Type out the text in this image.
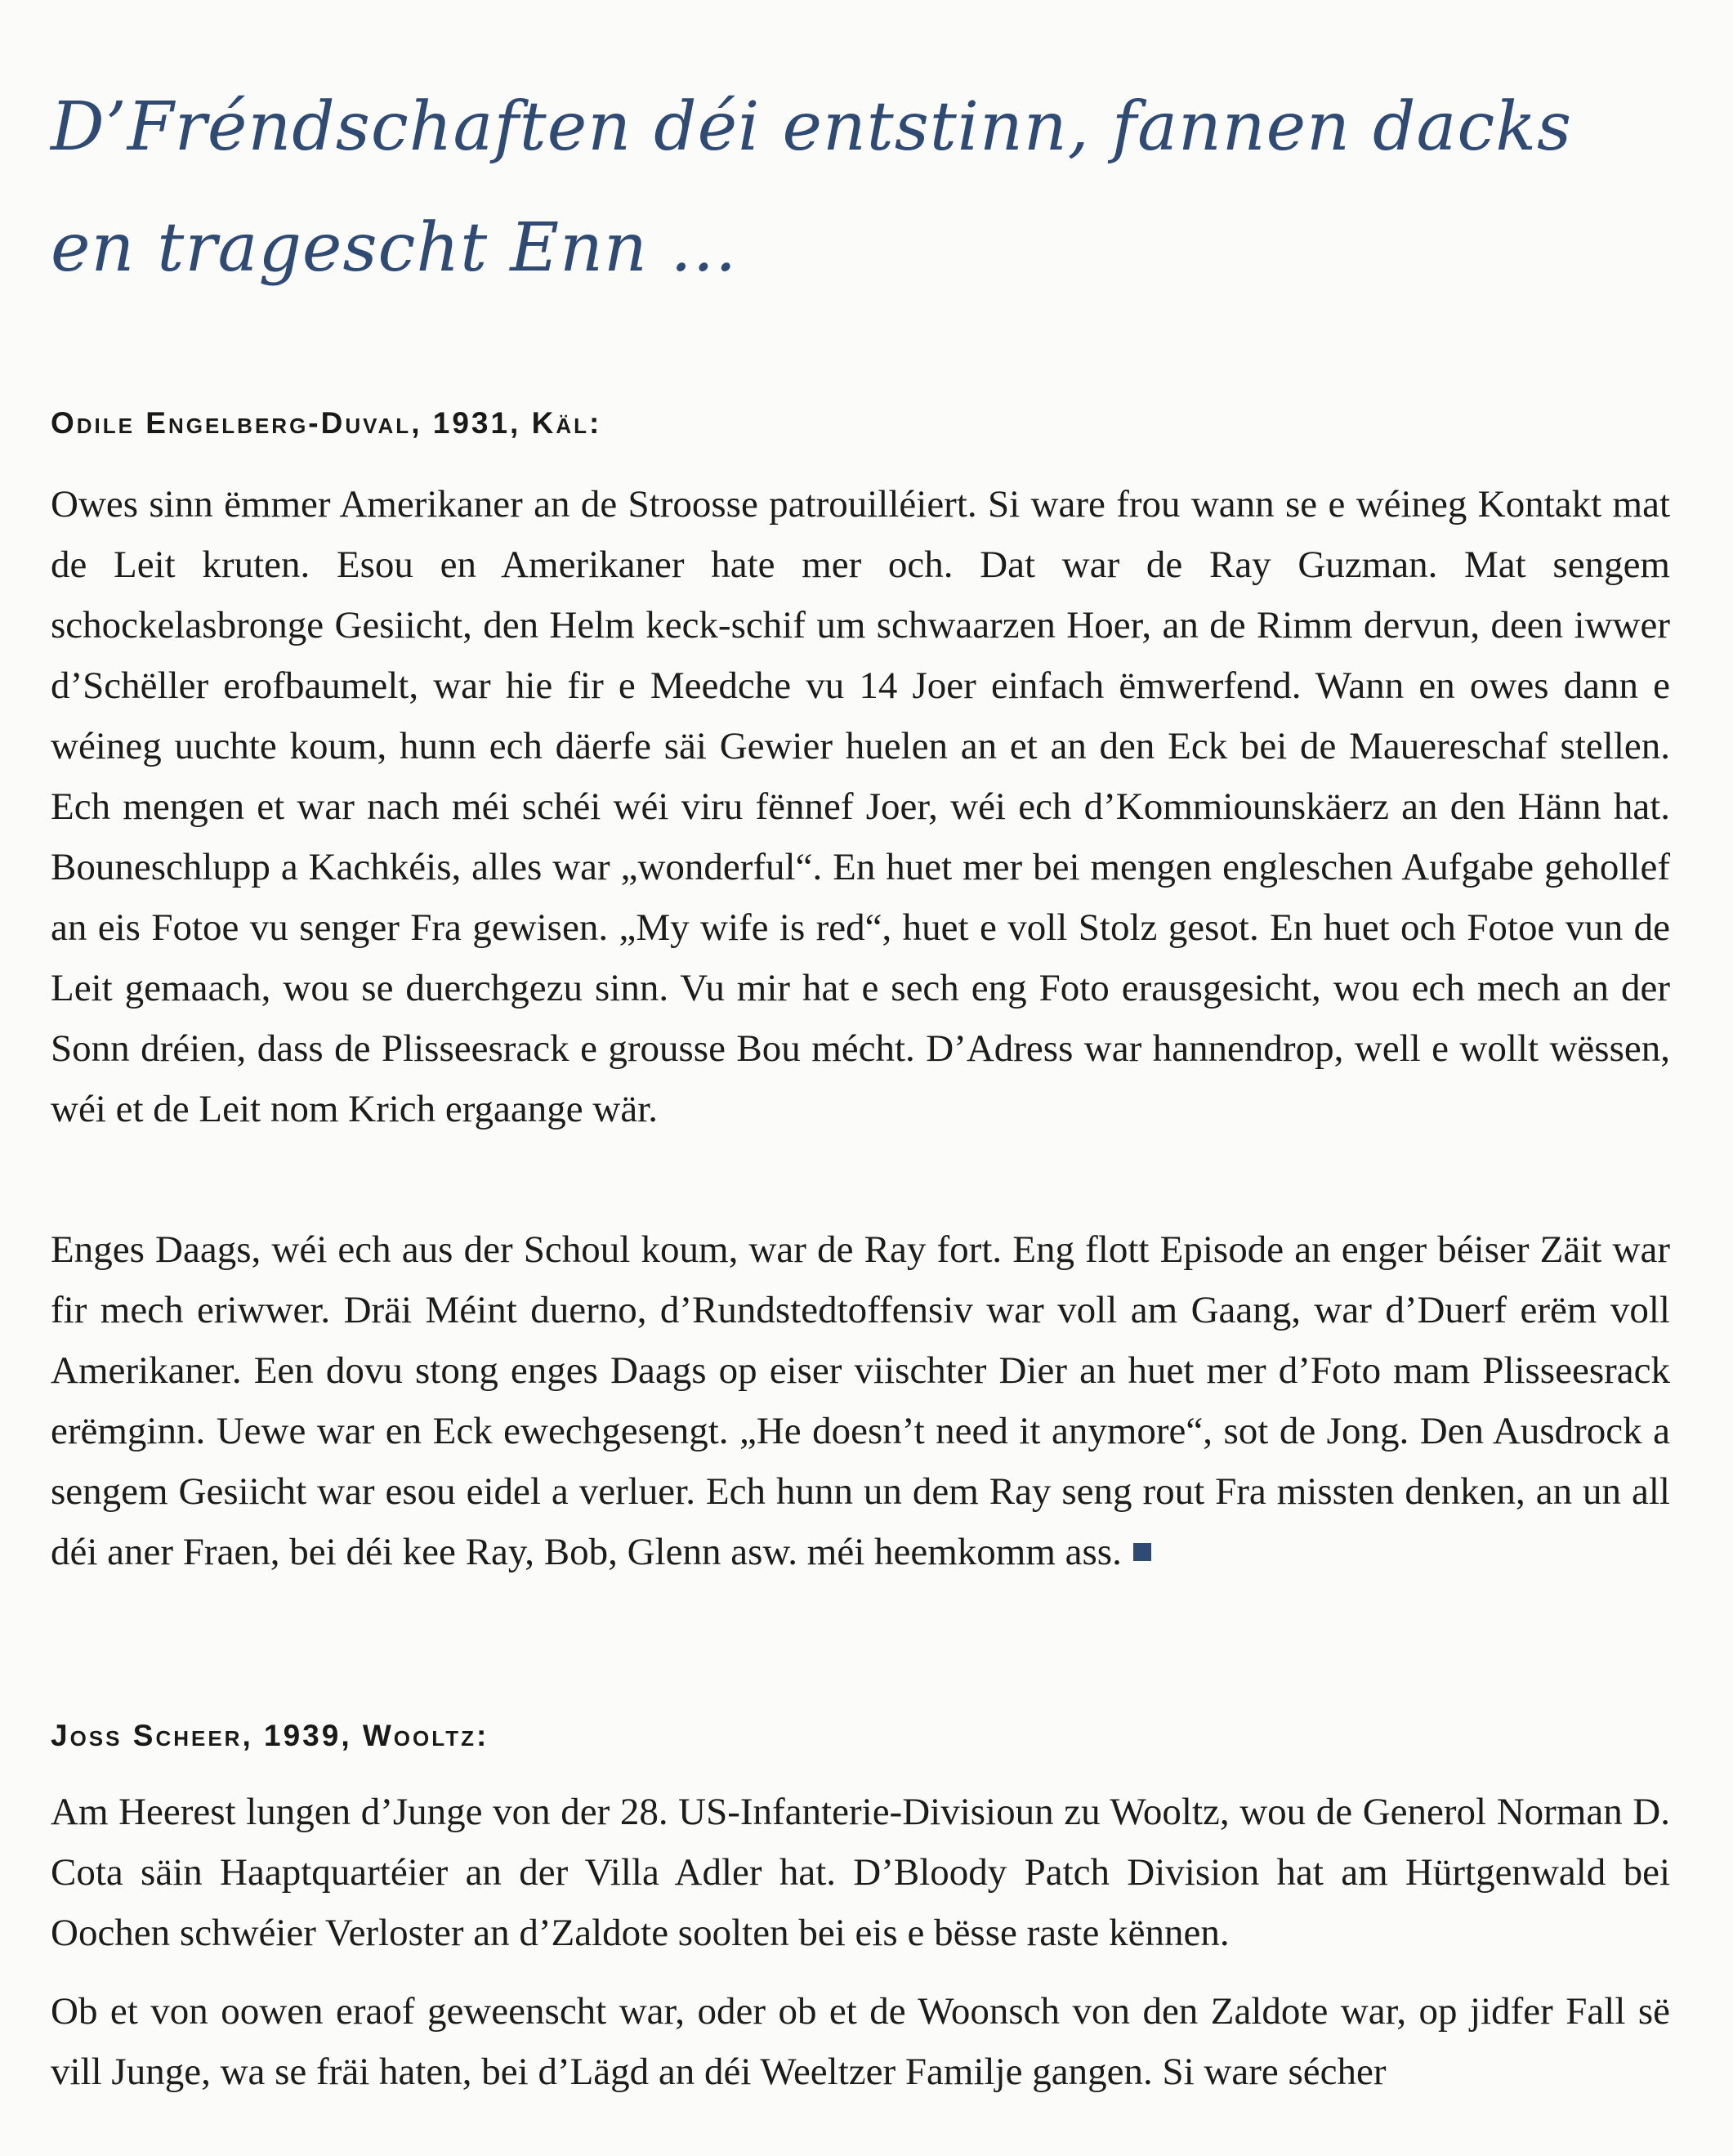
D’Fréndschaften déi entstinn, fannen dacks en tragescht Enn …
Odile Engelberg-Duval, 1931, Käl:

Owes sinn ëmmer Amerikaner an de Stroosse patrouilléiert. Si ware frou wann se e wéineg Kontakt mat de Leit kruten. Esou en Amerikaner hate mer och. Dat war de Ray Guzman. Mat sengem schockelasbronge Gesiicht, den Helm keck-schif um schwaarzen Hoer, an de Rimm dervun, deen iwwer d’Schëller erofbaumelt, war hie fir e Meedche vu 14 Joer einfach ëmwerfend. Wann en owes dann e wéineg uuchte koum, hunn ech däerfe säi Gewier huelen an et an den Eck bei de Mauereschaf stellen. Ech mengen et war nach méi schéi wéi viru fënnef Joer, wéi ech d’Kommiounskäerz an den Hänn hat. Bouneschlupp a Kachkéis, alles war „wonderful“. En huet mer bei mengen engleschen Aufgabe gehollef an eis Fotoe vu senger Fra gewisen. „My wife is red“, huet e voll Stolz gesot. En huet och Fotoe vun de Leit gemaach, wou se duerchgezu sinn. Vu mir hat e sech eng Foto erausgesicht, wou ech mech an der Sonn dréien, dass de Plisseesrack e grousse Bou mécht. D’Adress war hannendrop, well e wollt wëssen, wéi et de Leit nom Krich ergaange wär.

Enges Daags, wéi ech aus der Schoul koum, war de Ray fort. Eng flott Episode an enger béiser Zäit war fir mech eriwwer. Dräi Méint duerno, d’Rundstedtoffensiv war voll am Gaang, war d’Duerf erëm voll Amerikaner. Een dovu stong enges Daags op eiser viischter Dier an huet mer d’Foto mam Plisseesrack erëmginn. Uewe war en Eck ewechgesengt. „He doesn’t need it anymore“, sot de Jong. Den Ausdrock a sengem Gesiicht war esou eidel a verluer. Ech hunn un dem Ray seng rout Fra missten denken, an un all déi aner Fraen, bei déi kee Ray, Bob, Glenn asw. méi heemkomm ass.

Joss Scheer, 1939, Wooltz:

Am Heerest lungen d’Junge von der 28. US-Infanterie-Divisioun zu Wooltz, wou de Generol Norman D. Cota säin Haaptquartéier an der Villa Adler hat. D’Bloody Patch Division hat am Hürtgenwald bei Oochen schwéier Verloster an d’Zaldote soolten bei eis e bësse raste kënnen.

Ob et von oowen eraof geweenscht war, oder ob et de Woonsch von den Zaldote war, op jidfer Fall së vill Junge, wa se fräi haten, bei d’Lägd an déi Weeltzer Familje gangen. Si ware sécher
